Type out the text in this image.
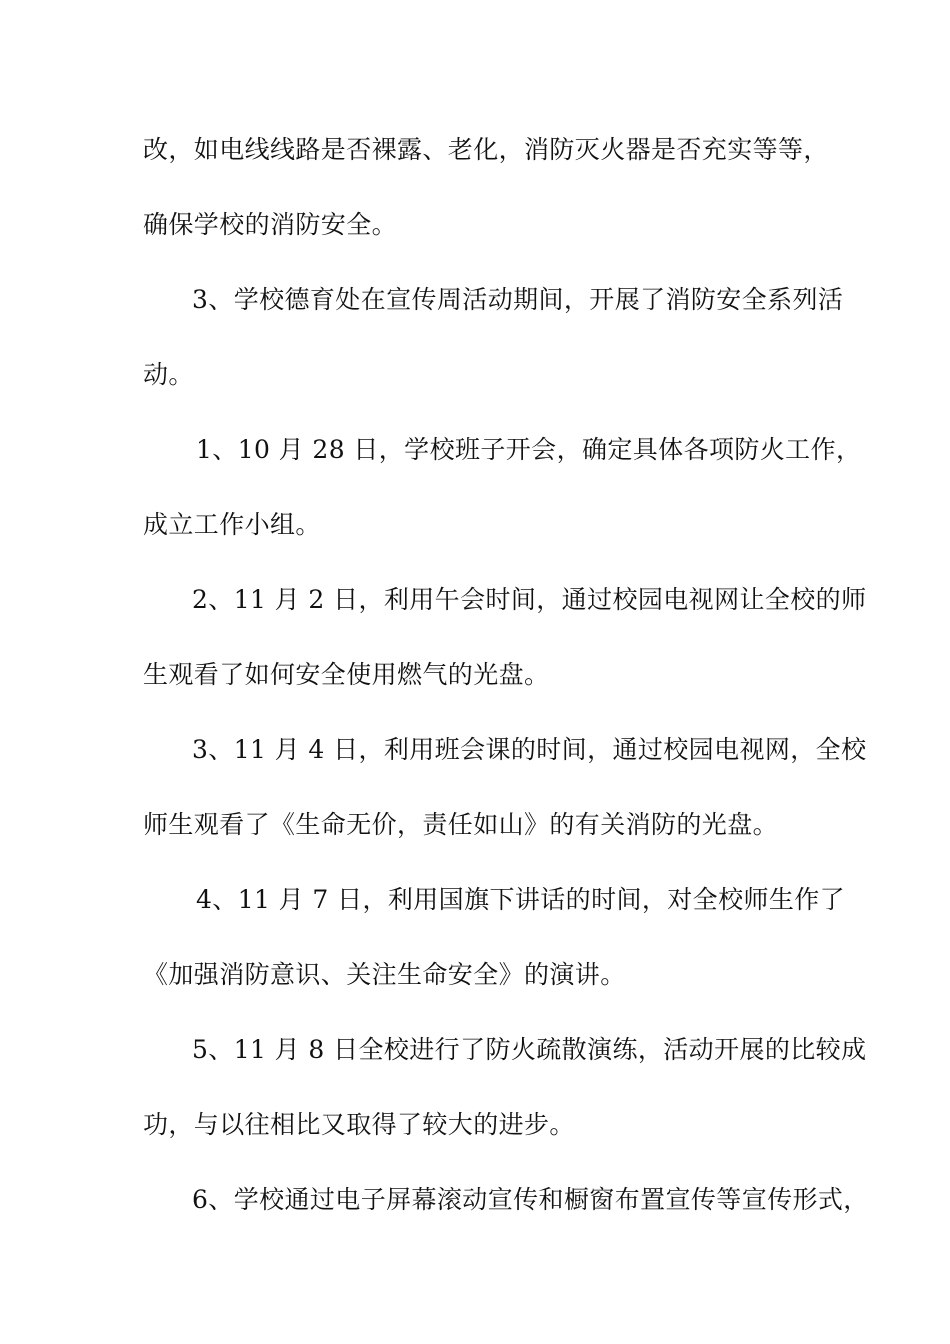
改，如电线线路是否裸露、老化，消防灭火器是否充实等等，
确保学校的消防安全。
3、学校德育处在宣传周活动期间，开展了消防安全系列活
动。
1、10 月 28 日，学校班子开会，确定具体各项防火工作，
成立工作小组。
2、11 月 2 日，利用午会时间，通过校园电视网让全校的师
生观看了如何安全使用燃气的光盘。
3、11 月 4 日，利用班会课的时间，通过校园电视网，全校
师生观看了《生命无价，责任如山》的有关消防的光盘。
4、11 月 7 日，利用国旗下讲话的时间，对全校师生作了
《加强消防意识、关注生命安全》的演讲。
5、11 月 8 日全校进行了防火疏散演练，活动开展的比较成
功，与以往相比又取得了较大的进步。
6、学校通过电子屏幕滚动宣传和橱窗布置宣传等宣传形式，
